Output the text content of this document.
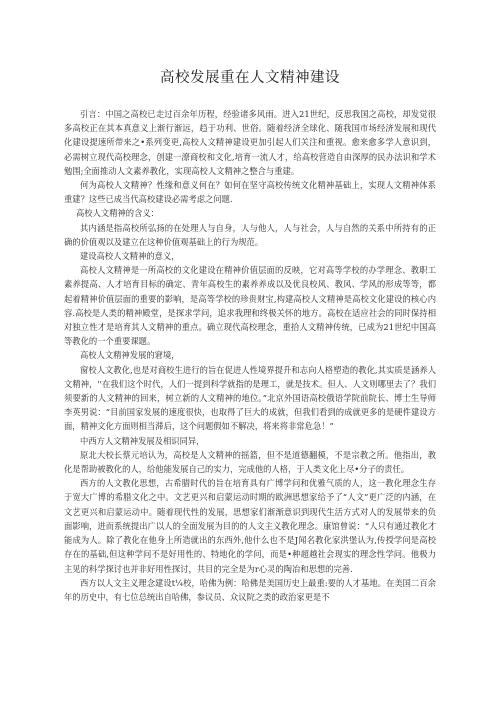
高校发展重在人文精神建设

引言：中国之高校已走过百余年历程，经验诸多风雨。进入21世纪，反思我国之高校，却发觉很多高校正在其本真意义上渐行渐远，趋于功利、世俗。随着经济全球化、随我国市场经济发展和现代化建设提速所带来之•系列变更,高校人文精神建设更加引起人们关注和重视。愈来愈多学人意识到，必需树立现代高校理念，创建一潦商校和文化,培育一流人才，给高校营造自由深厚的民办法识和学术勉围;全面推动人文素养教化，实现高校人文精神之整合与重建。

何为高校人文精神？性缘和意义何在？如何在坚守高校传统文化精神基础上，实现人文精神体系重建？这些已成当代高校建设必需考虑之问题.

高校人文精神的含义：

其内涵是指高校所弘扬的在处理人与自身，人与他人，人与社会，人与自然的关系中所持有的正确的价值观以及建立在这种价值观基础上的行为规范。

建设高校人文精神的意义，

高校人文精神是一所高校的文化建设在精神价值层面的反映，它对高等学校的办学理念、教职工素养提高、人才培育目标的确定、青年高校生的素养养成以及优良校风、教风、学风的形成等等，都起着精神价值层面的重要的影响，是高等学校的珍贵财宝,构建高校人文精神是高校文化建设的核心内容.高校是人类的精神殿堂，是探求学问，追求我理和终极关怀的地方。高校在适应社会的同时保持相对独立性才是培育其人文精神的重点。确立现代高校理念，重拾人文精神传统，已成为21世纪中国高等教化的一个重要课题。

高校人文精神发展的窘境，

窗校人文教化,也是对商校生进行的旨在促进人性境界提升和志向人格塑造的教化,其实质是涵养人文精神，''在我们这个时代，人们一提到科学就指的是理工，就是技术。但人、人文则哪里去了？我们须要新的人文精神的回来，树立新的人文精神的地位。”北京外国语高校俄语学院前院长、博士生导师李英男说：“目前国家发展的速度很快，也取得了巨大的成就，但我们看到的成就更多的是硬件建设方面，精神文化方面则相当滞后，这个问题假如不解决，将来将非常危急！”

中西方人文精神发展及相识同异，

原北大校长蔡元培认为，高校是人文精神的摇篮，但不是道德翻模，不是宗教之所。他指出，教化是帮助被教化的人，给他能发展自己的实力，完成他的人格，于人类文化上尽•分子的责任。

西方的人文教化思想，古希腊时代的旨在培育具有广博学问和优雅气质的人，这一教化理念生存于宽大广博的希腊文化之中。文艺更兴和启蒙运动时期的欧洲思想家给予了“人文”更广泛的内涵，在文艺更兴和启蒙运动中。随着现代性的发展，思想家们渐渐意识到现代生活方式对人的发展带来的负面影响，进而系统提出广以人的全面发展为目的的人文主义教化理念。康馆曾说：“人只有通过教化才能成为人。除了教化在他身上所造就出的东西外,他什么也不是J闻名教化家洪堡认为,传授学问是高校存在的基础,但这种学问不是好用性的、特地化的学问，而是•种超越社会现实的理念性学问。他极力主见的科学探讨也并非好用性探讨，共目的完全是为r心灵的陶冶和思想的完善.

西方以人文主义理念建设t¼校，哈佛为例：哈佛是美国历史上最重:要的人才基地。在美国二百余年的历史中，有七位总统出自哈佛，参议员、众议院之类的政治家更是不
